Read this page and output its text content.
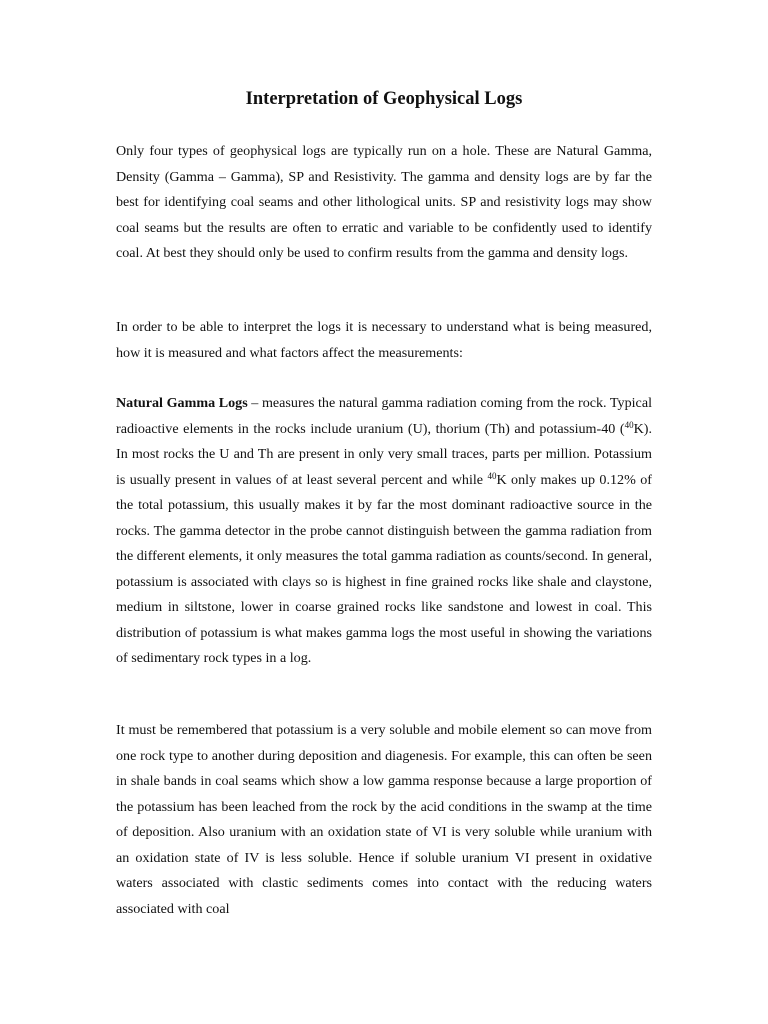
Interpretation of Geophysical Logs

Only four types of geophysical logs are typically run on a hole. These are Natural Gamma, Density (Gamma – Gamma), SP and Resistivity. The gamma and density logs are by far the best for identifying coal seams and other lithological units. SP and resistivity logs may show coal seams but the results are often to erratic and variable to be confidently used to identify coal. At best they should only be used to confirm results from the gamma and density logs.

In order to be able to interpret the logs it is necessary to understand what is being measured, how it is measured and what factors affect the measurements:

Natural Gamma Logs – measures the natural gamma radiation coming from the rock. Typical radioactive elements in the rocks include uranium (U), thorium (Th) and potassium-40 ($^{40}$K). In most rocks the U and Th are present in only very small traces, parts per million. Potassium is usually present in values of at least several percent and while $^{40}$K only makes up 0.12% of the total potassium, this usually makes it by far the most dominant radioactive source in the rocks. The gamma detector in the probe cannot distinguish between the gamma radiation from the different elements, it only measures the total gamma radiation as counts/second. In general, potassium is associated with clays so is highest in fine grained rocks like shale and claystone, medium in siltstone, lower in coarse grained rocks like sandstone and lowest in coal. This distribution of potassium is what makes gamma logs the most useful in showing the variations of sedimentary rock types in a log.

It must be remembered that potassium is a very soluble and mobile element so can move from one rock type to another during deposition and diagenesis. For example, this can often be seen in shale bands in coal seams which show a low gamma response because a large proportion of the potassium has been leached from the rock by the acid conditions in the swamp at the time of deposition. Also uranium with an oxidation state of VI is very soluble while uranium with an oxidation state of IV is less soluble. Hence if soluble uranium VI present in oxidative waters associated with clastic sediments comes into contact with the reducing waters associated with coal
